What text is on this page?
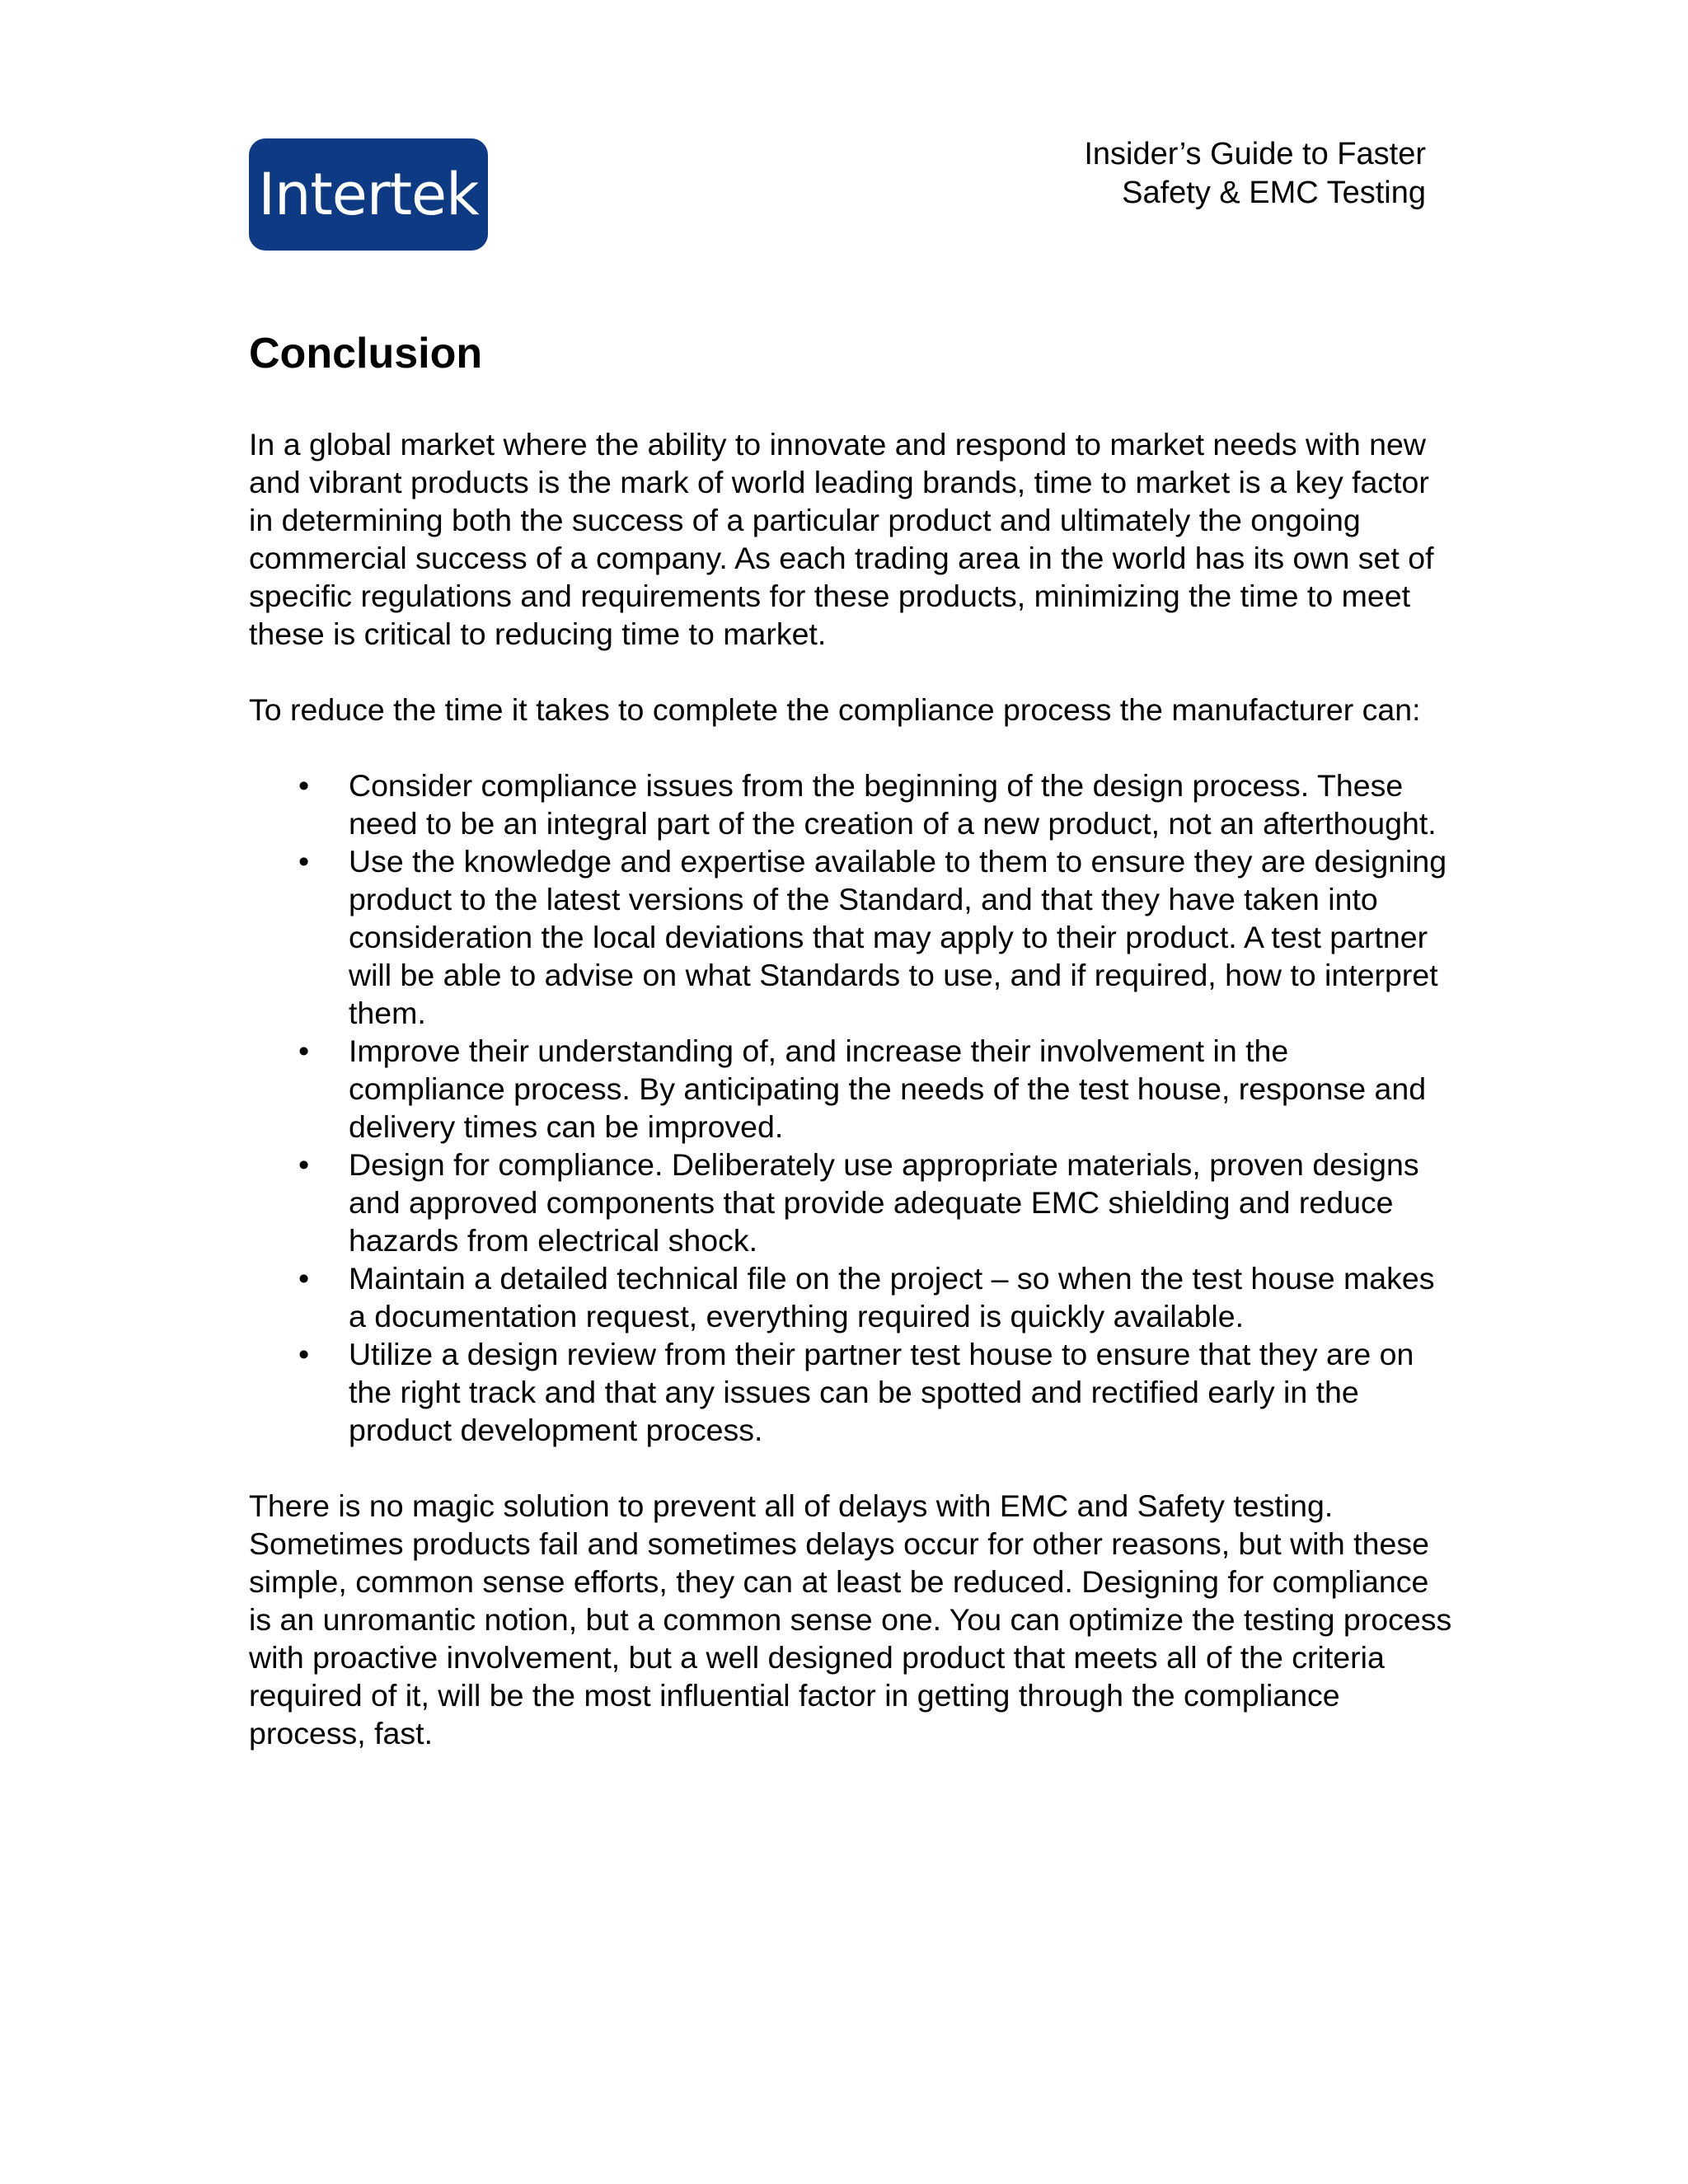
Intertek
Insider’s Guide to Faster
Safety & EMC Testing
Conclusion

In a global market where the ability to innovate and respond to market needs with new and vibrant products is the mark of world leading brands, time to market is a key factor in determining both the success of a particular product and ultimately the ongoing commercial success of a company. As each trading area in the world has its own set of specific regulations and requirements for these products, minimizing the time to meet these is critical to reducing time to market.

To reduce the time it takes to complete the compliance process the manufacturer can:

• Consider compliance issues from the beginning of the design process. These need to be an integral part of the creation of a new product, not an afterthought.
• Use the knowledge and expertise available to them to ensure they are designing product to the latest versions of the Standard, and that they have taken into consideration the local deviations that may apply to their product. A test partner will be able to advise on what Standards to use, and if required, how to interpret them.
• Improve their understanding of, and increase their involvement in the compliance process. By anticipating the needs of the test house, response and delivery times can be improved.
• Design for compliance. Deliberately use appropriate materials, proven designs and approved components that provide adequate EMC shielding and reduce hazards from electrical shock.
• Maintain a detailed technical file on the project – so when the test house makes a documentation request, everything required is quickly available.
• Utilize a design review from their partner test house to ensure that they are on the right track and that any issues can be spotted and rectified early in the product development process.

There is no magic solution to prevent all of delays with EMC and Safety testing. Sometimes products fail and sometimes delays occur for other reasons, but with these simple, common sense efforts, they can at least be reduced. Designing for compliance is an unromantic notion, but a common sense one. You can optimize the testing process with proactive involvement, but a well designed product that meets all of the criteria required of it, will be the most influential factor in getting through the compliance process, fast.
